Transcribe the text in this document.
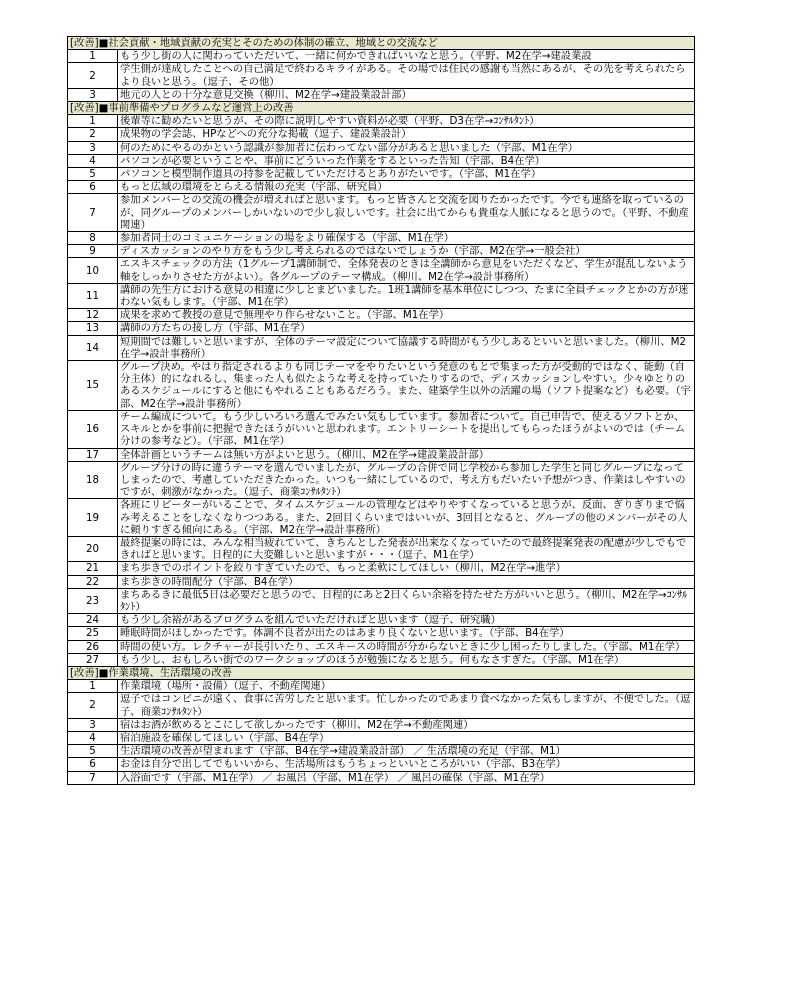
[改善]■社会貢献・地域貢献の充実とそのための体制の確立、地域との交流など	
1	もう少し街の人に関わっていただいて、一緒に何かできればいいなと思う。（平野、M2在学→建設業設
2	学生側が達成したことへの自己満足で終わるキライがある。その場では住民の感謝も当然にあるが、その先を考えられたらより良いと思う。（逗子、その他）
3	地元の人との十分な意見交換（柳川、M2在学→建設業設計部）
[改善]■事前準備やプログラムなど運営上の改善	
1	後輩等に勧めたいと思うが、その際に説明しやすい資料が必要（平野、D3在学→ｺﾝｻﾙﾀﾝﾄ）
2	成果物の学会誌、HPなどへの充分な掲載（逗子、建設業設計）
3	何のためにやるのかという認識が参加者に伝わってない部分があると思いました（宇部、M1在学）
4	パソコンが必要ということや、事前にどういった作業をするといった告知（宇部、B4在学）
5	パソコンと模型制作道具の持参を記載していただけるとありがたいです。（宇部、M1在学）
6	もっと広域の環境をとらえる情報の充実（宇部、研究員）
7	参加メンバーとの交流の機会が増えればと思います。もっと皆さんと交流を図りたかったです。今でも連絡を取っているのが、同グループのメンバーしかいないので少し寂しいです。社会に出てからも貴重な人脈になると思うので。（平野、不動産関連）
8	参加者同士のコミュニケーションの場をより確保する（宇部、M1在学）
9	ディスカッションのやり方をもう少し考えられるのではないでしょうか（宇部、M2在学→一般会社）
10	エスキスチェックの方法（1グループ1講師制で、全体発表のときは全講師から意見をいただくなど、学生が混乱しないよう軸をしっかりさせた方がよい）。各グループのテーマ構成。（柳川、M2在学→設計事務所）
11	講師の先生方における意見の相違に少しとまどいました。1班1講師を基本単位にしつつ、たまに全員チェックとかの方が迷わない気もします。（宇部、M1在学）
12	成果を求めて教授の意見で無理やり作らせないこと。（宇部、M1在学）
13	講師の方たちの接し方（宇部、M1在学）
14	短期間では難しいと思いますが、全体のテーマ設定について協議する時間がもう少しあるといいと思いました。（柳川、M2在学→設計事務所）
15	グループ決め。やはり指定されるよりも同じテーマをやりたいという発意のもとで集まった方が受動的ではなく、能動（自分主体）的になれるし、集まった人も似たような考えを持っていたりするので、ディスカッションしやすい。少々ゆとりのあるスケジュールにすると他にもやれることもあるだろう。また、建築学生以外の活躍の場（ソフト提案など）も必要。（宇部、M2在学→設計事務所）
16	チーム編成について。もう少しいろいろ選んでみたい気もしています。参加者について。自己申告で、使えるソフトとか、スキルとかを事前に把握できたほうがいいと思われます。エントリーシートを提出してもらったほうがよいのでは（チーム分けの参考など）。（宇部、M1在学）
17	全体計画というチームは無い方がよいと思う。（柳川、M2在学→建設業設計部）
18	グループ分けの時に違うテーマを選んでいましたが、グループの合併で同じ学校から参加した学生と同じグループになってしまったので、考慮していただきたかった。いつも一緒にしているので、考え方もだいたい予想がつき、作業はしやすいのですが、刺激がなかった。（逗子、商業ｺﾝｻﾙﾀﾝﾄ）
19	各班にリピーターがいることで、タイムスケジュールの管理などはやりやすくなっていると思うが、反面、ぎりぎりまで悩み考えることをしなくなりつつある。また、2回目くらいまではいいが、3回目となると、グループの他のメンバーがその人に頼りすぎる傾向にある。（宇部、M2在学→設計事務所）
20	最終提案の時には、みんな相当疲れていて、きちんとした発表が出来なくなっていたので最終提案発表の配慮が少しでもできればと思います。日程的に大変難しいと思いますが・・・（逗子、M1在学）
21	まち歩きでのポイントを絞りすぎていたので、もっと柔軟にしてほしい（柳川、M2在学→進学）
22	まち歩きの時間配分（宇部、B4在学）
23	まちあるきに最低5日は必要だと思うので、日程的にあと2日くらい余裕を持たせた方がいいと思う。（柳川、M2在学→ｺﾝｻﾙﾀﾝﾄ）
24	もう少し余裕があるプログラムを組んでいただければと思います（逗子、研究職）
25	睡眠時間がほしかったです。体調不良者が出たのはあまり良くないと思います。（宇部、B4在学）
26	時間の使い方。レクチャーが長引いたり、エスキースの時間が分からないときに少し困ったりしました。（宇部、M1在学）
27	もう少し、おもしろい街でのワークショップのほうが勉強になると思う。何もなさすぎた。（宇部、M1在学）
[改善]■作業環境、生活環境の改善	
1	作業環境（場所・設備）（逗子、不動産関連）
2	逗子ではコンビニが遠く、食事に苦労したと思います。忙しかったのであまり食べなかった気もしますが、不便でした。（逗子、商業ｺﾝｻﾙﾀﾝﾄ）
3	宿はお酒が飲めるとこにして欲しかったです（柳川、M2在学→不動産関連）
4	宿泊施設を確保してほしい（宇部、B4在学）
5	生活環境の改善が望まれます（宇部、B4在学→建設業設計部） ／ 生活環境の充足（宇部、M1）
6	お金は自分で出してでもいいから、生活場所はもうちょっといいところがいい（宇部、B3在学）
7	入浴面です（宇部、M1在学） ／ お風呂（宇部、M1在学） ／ 風呂の確保（宇部、M1在学）
